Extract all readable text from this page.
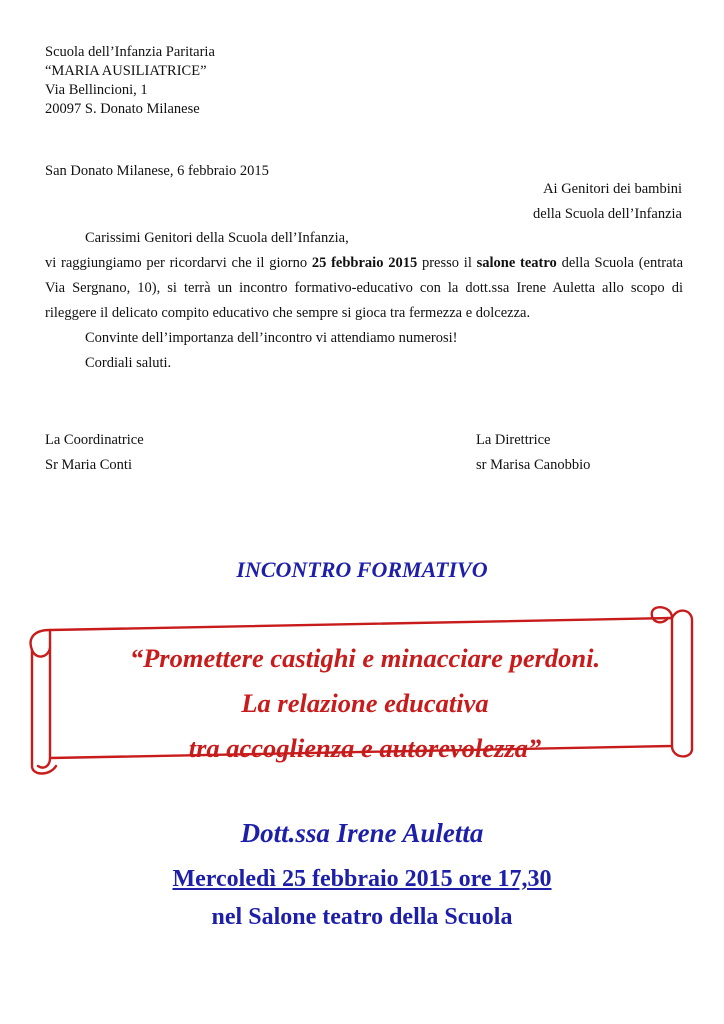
Scuola dell’Infanzia Paritaria
“MARIA AUSILIATRICE”
Via Bellincioni, 1
20097 S. Donato Milanese
San Donato Milanese, 6 febbraio 2015
Ai Genitori dei bambini
della Scuola dell’Infanzia

Carissimi Genitori della Scuola dell’Infanzia,

vi raggiungiamo per ricordarvi che il giorno 25 febbraio 2015 presso il salone teatro della Scuola (entrata Via Sergnano, 10), si terrà un incontro formativo-educativo con la dott.ssa Irene Auletta allo scopo di rileggere il delicato compito educativo che sempre si gioca tra fermezza e dolcezza.

Convinte dell’importanza dell’incontro vi attendiamo numerosi!

Cordiali saluti.

La Coordinatrice
Sr Maria Conti
La Direttrice
sr Marisa Canobbio
INCONTRO FORMATIVO
“Promettere castighi e minacciare perdoni.
La relazione educativa
tra accoglienza e autorevolezza”
Dott.ssa Irene Auletta
Mercoledì 25 febbraio 2015 ore 17,30
nel Salone teatro della Scuola
